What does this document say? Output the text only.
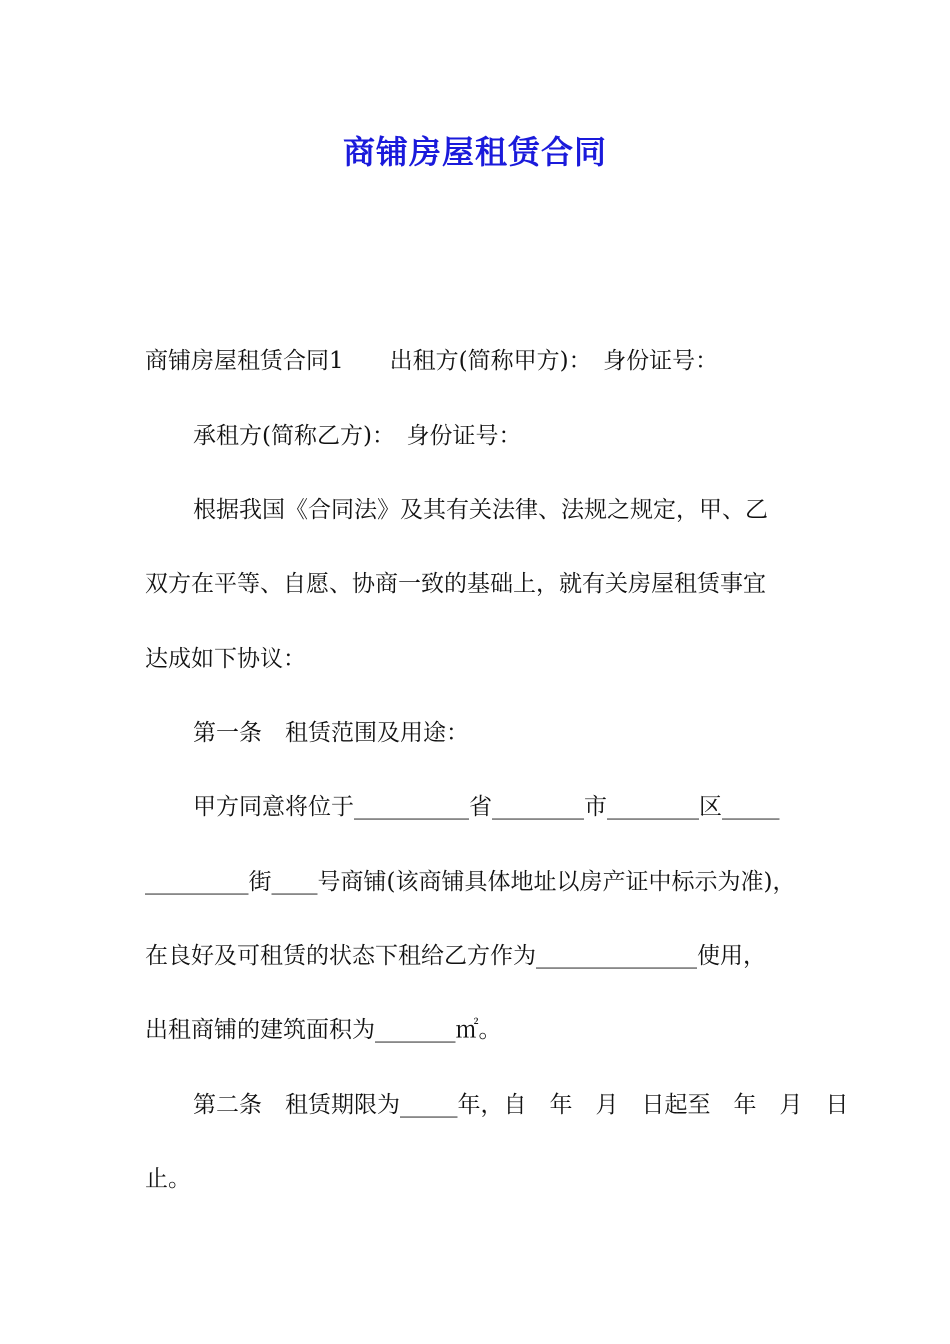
商铺房屋租赁合同

商铺房屋租赁合同1　　出租方(简称甲方)：　身份证号：

承租方(简称乙方)：　身份证号：

根据我国《合同法》及其有关法律、法规之规定，甲、乙

双方在平等、自愿、协商一致的基础上，就有关房屋租赁事宜

达成如下协议：

第一条　租赁范围及用途：

甲方同意将位于__________省________市________区_____

_________街____号商铺(该商铺具体地址以房产证中标示为准)，

在良好及可租赁的状态下租给乙方作为______________使用，

出租商铺的建筑面积为_______㎡。

第二条　租赁期限为_____年，自　年　月　日起至　年　月　日

止。
